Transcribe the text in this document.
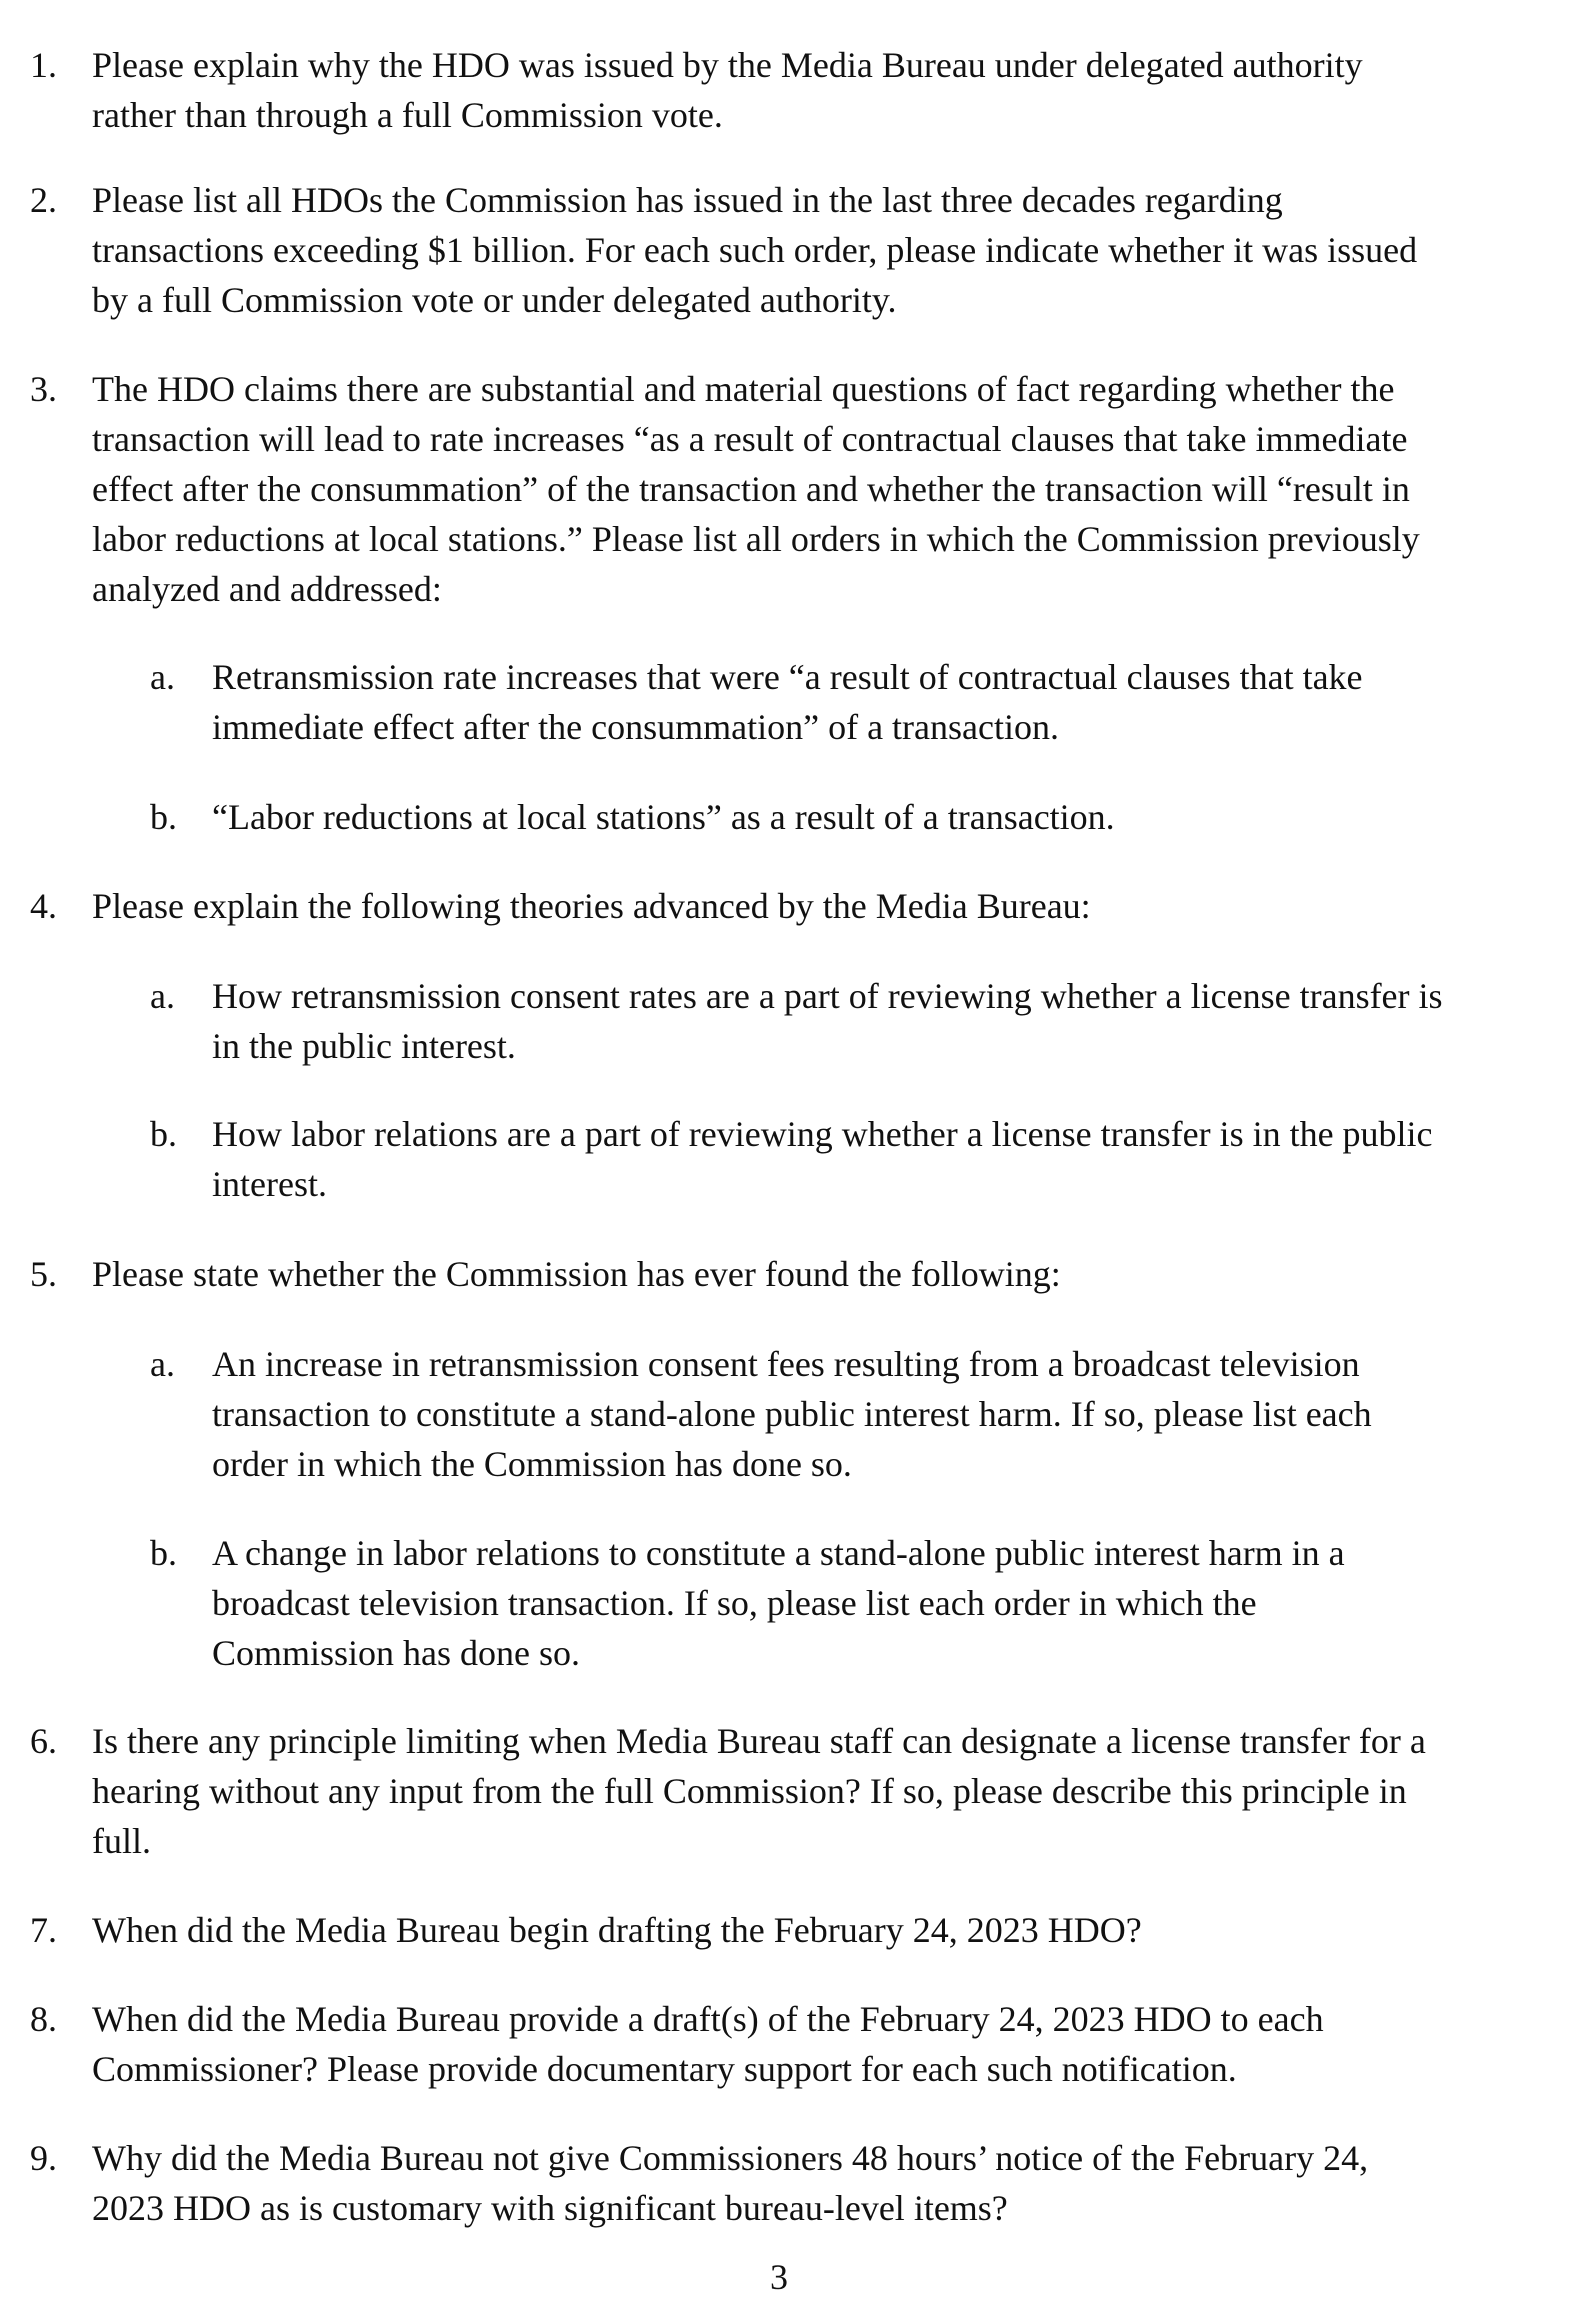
1. Please explain why the HDO was issued by the Media Bureau under delegated authority
rather than through a full Commission vote.
2. Please list all HDOs the Commission has issued in the last three decades regarding
transactions exceeding $1 billion. For each such order, please indicate whether it was issued
by a full Commission vote or under delegated authority.
3. The HDO claims there are substantial and material questions of fact regarding whether the
transaction will lead to rate increases “as a result of contractual clauses that take immediate
effect after the consummation” of the transaction and whether the transaction will “result in
labor reductions at local stations.” Please list all orders in which the Commission previously
analyzed and addressed:
a.	Retransmission rate increases that were “a result of contractual clauses that take
immediate effect after the consummation” of a transaction.
b. “Labor reductions at local stations” as a result of a transaction.
4. Please explain the following theories advanced by the Media Bureau:
a.	How retransmission consent rates are a part of reviewing whether a license transfer is
in the public interest.
b. How labor relations are a part of reviewing whether a license transfer is in the public
interest.
5. Please state whether the Commission has ever found the following:
a.	An increase in retransmission consent fees resulting from a broadcast television
transaction to constitute a stand-alone public interest harm. If so, please list each
order in which the Commission has done so.
b. A change in labor relations to constitute a stand-alone public interest harm in a
broadcast television transaction. If so, please list each order in which the
Commission has done so.
6. Is there any principle limiting when Media Bureau staff can designate a license transfer for a
hearing without any input from the full Commission? If so, please describe this principle in
full.
7. When did the Media Bureau begin drafting the February 24, 2023 HDO?
8. When did the Media Bureau provide a draft(s) of the February 24, 2023 HDO to each
Commissioner? Please provide documentary support for each such notification.
9. Why did the Media Bureau not give Commissioners 48 hours’ notice of the February 24,
2023 HDO as is customary with significant bureau-level items?
3
